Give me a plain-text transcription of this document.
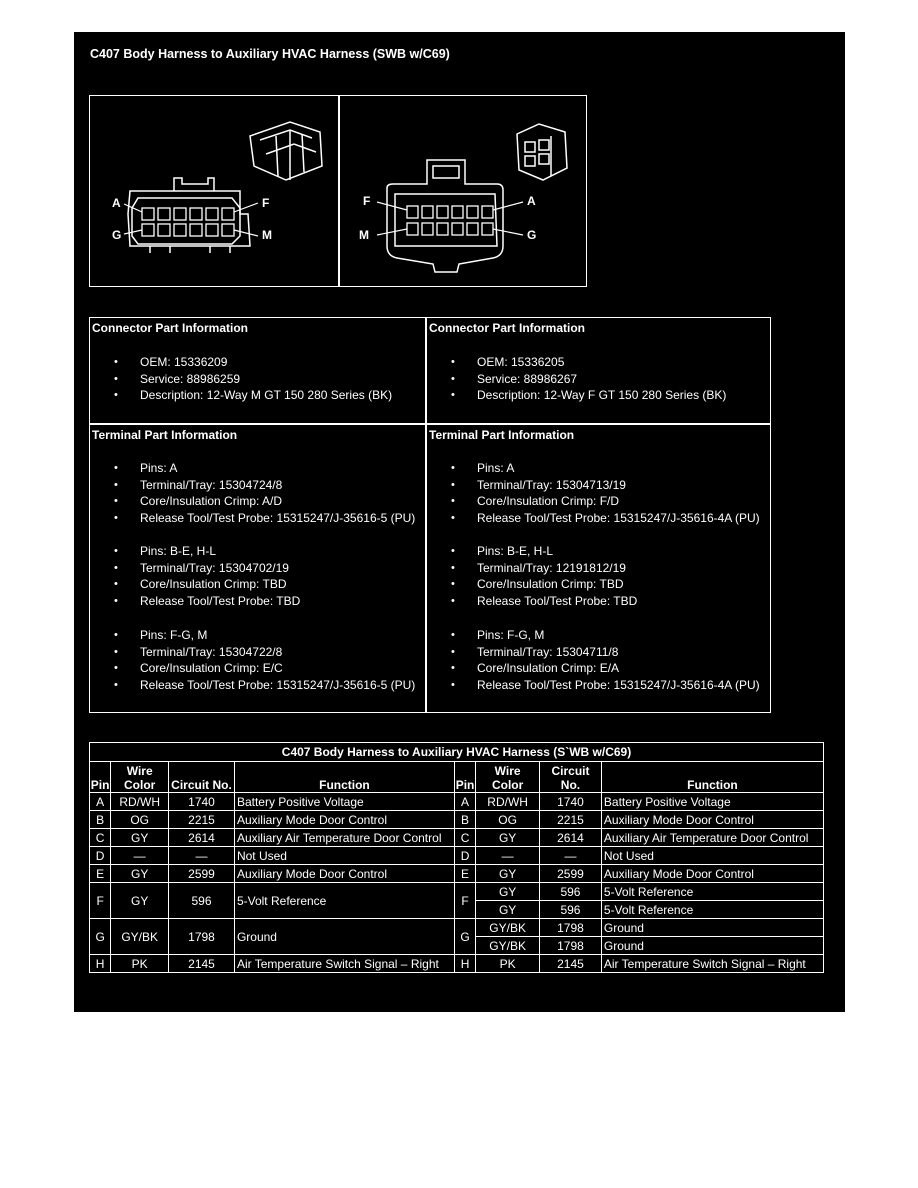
C407 Body Harness to Auxiliary HVAC Harness (SWB w/C69)
A	F
G	M
F	A
M	G
Connector Part Information
• OEM: 15336209
• Service: 88986259
• Description: 12-Way M GT 150 280 Series (BK)
Connector Part Information
• OEM: 15336205
• Service: 88986267
• Description: 12-Way F GT 150 280 Series (BK)
Terminal Part Information
• Pins: A
• Terminal/Tray: 15304724/8
• Core/Insulation Crimp: A/D
• Release Tool/Test Probe: 15315247/J-35616-5 (PU)
• Pins: B-E, H-L
• Terminal/Tray: 15304702/19
• Core/Insulation Crimp: TBD
• Release Tool/Test Probe: TBD
• Pins: F-G, M
• Terminal/Tray: 15304722/8
• Core/Insulation Crimp: E/C
• Release Tool/Test Probe: 15315247/J-35616-5 (PU)
Terminal Part Information
• Pins: A
• Terminal/Tray: 15304713/19
• Core/Insulation Crimp: F/D
• Release Tool/Test Probe: 15315247/J-35616-4A (PU)
• Pins: B-E, H-L
• Terminal/Tray: 12191812/19
• Core/Insulation Crimp: TBD
• Release Tool/Test Probe: TBD
• Pins: F-G, M
• Terminal/Tray: 15304711/8
• Core/Insulation Crimp: E/A
• Release Tool/Test Probe: 15315247/J-35616-4A (PU)
C407 Body Harness to Auxiliary HVAC Harness (S`WB w/C69)							
Pin	Wire Color	Circuit No.	Function	Pin	Wire Color	Circuit No.	Function
A	RD/WH	1740	Battery Positive Voltage	A	RD/WH	1740	Battery Positive Voltage
B	OG	2215	Auxiliary Mode Door Control	B	OG	2215	Auxiliary Mode Door Control
C	GY	2614	Auxiliary Air Temperature Door Control	C	GY	2614	Auxiliary Air Temperature Door Control
D	—	—	Not Used	D	—	—	Not Used
E	GY	2599	Auxiliary Mode Door Control	E	GY	2599	Auxiliary Mode Door Control
F	GY	596	5-Volt Reference	F	GY	596	5-Volt Reference
					GY	596	5-Volt Reference
G	GY/BK	1798	Ground	G	GY/BK	1798	Ground
					GY/BK	1798	Ground
H	PK	2145	Air Temperature Switch Signal – Right	H	PK	2145	Air Temperature Switch Signal – Right
